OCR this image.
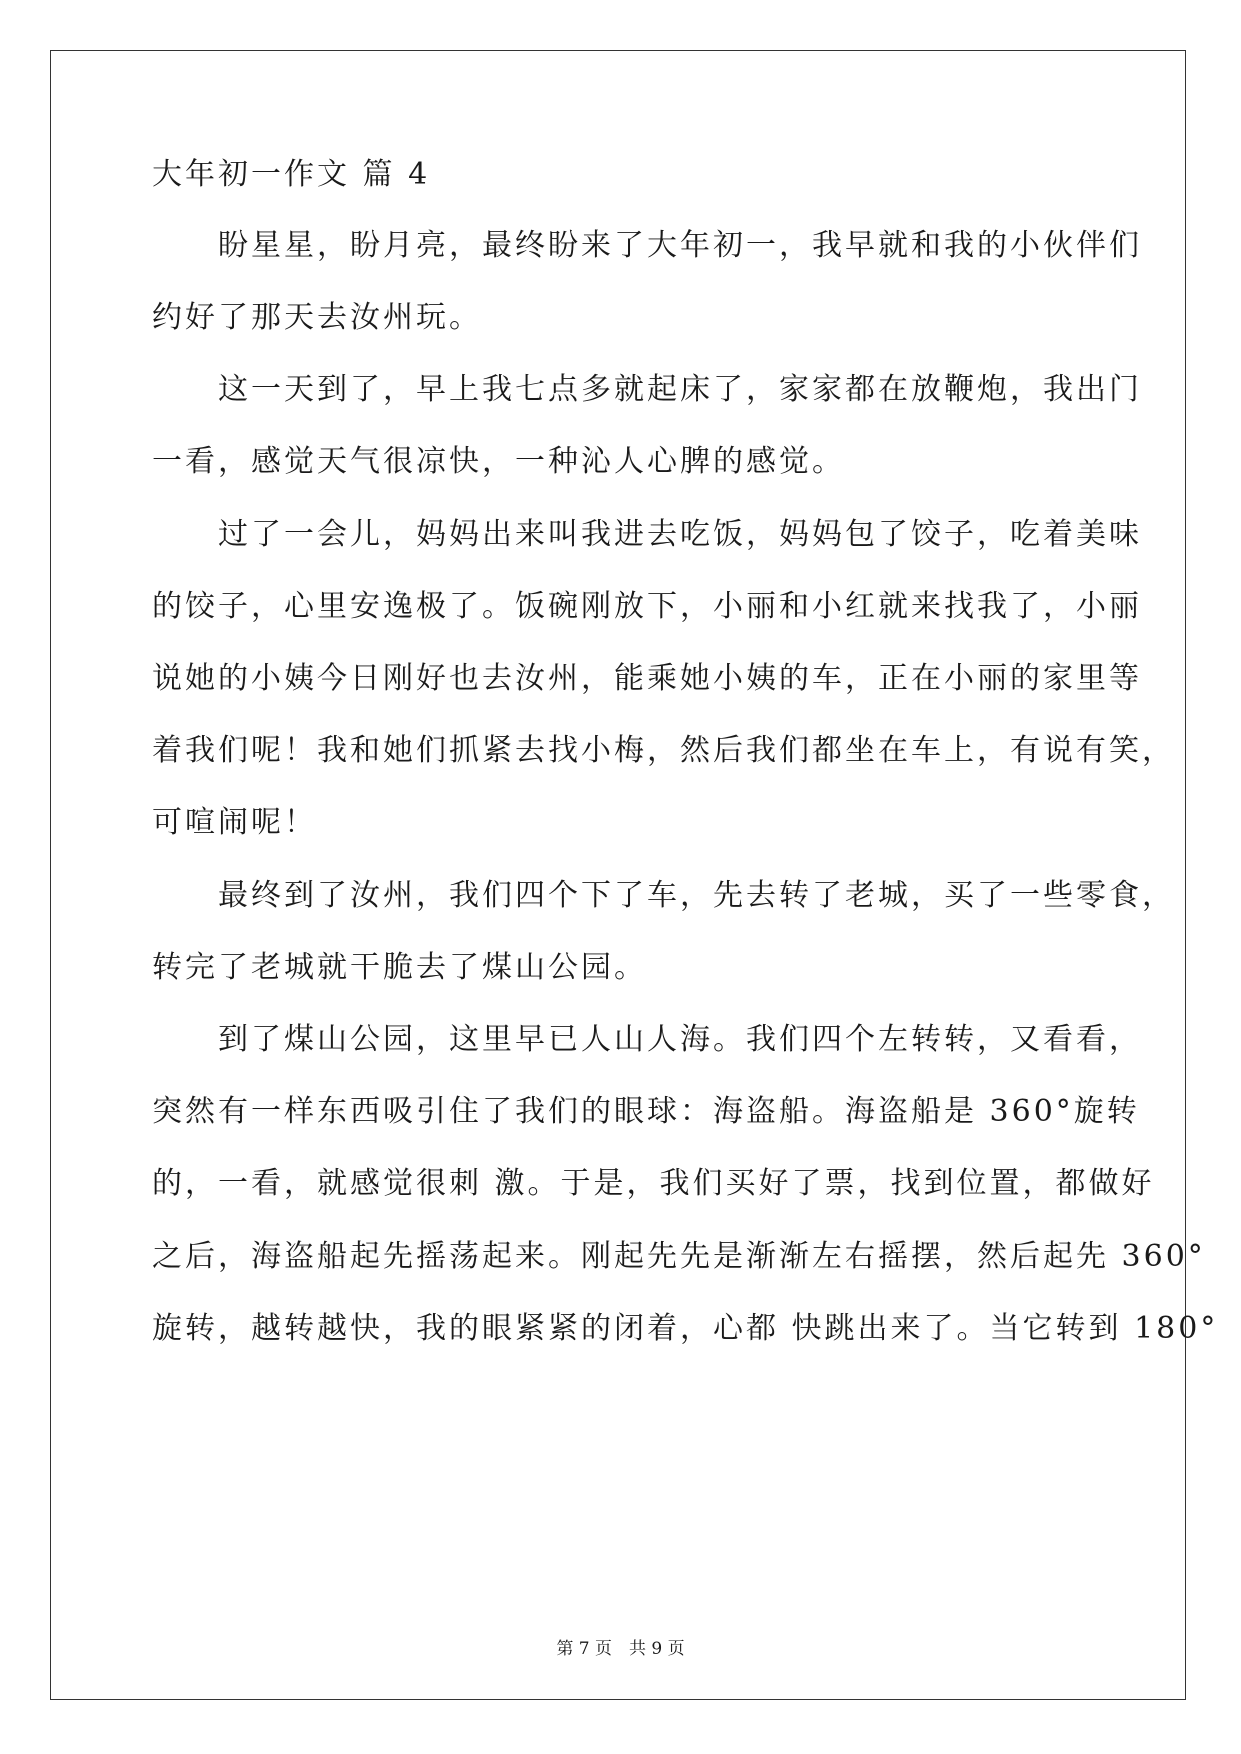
大年初一作文 篇 4
　　盼星星，盼月亮，最终盼来了大年初一，我早就和我的小伙伴们
约好了那天去汝州玩。
　　这一天到了，早上我七点多就起床了，家家都在放鞭炮，我出门
一看，感觉天气很凉快，一种沁人心脾的感觉。
　　过了一会儿，妈妈出来叫我进去吃饭，妈妈包了饺子，吃着美味
的饺子，心里安逸极了。饭碗刚放下，小丽和小红就来找我了，小丽
说她的小姨今日刚好也去汝州，能乘她小姨的车，正在小丽的家里等
着我们呢！我和她们抓紧去找小梅，然后我们都坐在车上，有说有笑，
可喧闹呢！
　　最终到了汝州，我们四个下了车，先去转了老城，买了一些零食，
转完了老城就干脆去了煤山公园。
　　到了煤山公园，这里早已人山人海。我们四个左转转，又看看，
突然有一样东西吸引住了我们的眼球：海盗船。海盗船是 360°旋转
的，一看，就感觉很刺 激。于是，我们买好了票，找到位置，都做好
之后，海盗船起先摇荡起来。刚起先先是渐渐左右摇摆，然后起先 360°
旋转，越转越快，我的眼紧紧的闭着，心都 快跳出来了。当它转到 180°
第 7 页　共 9 页
